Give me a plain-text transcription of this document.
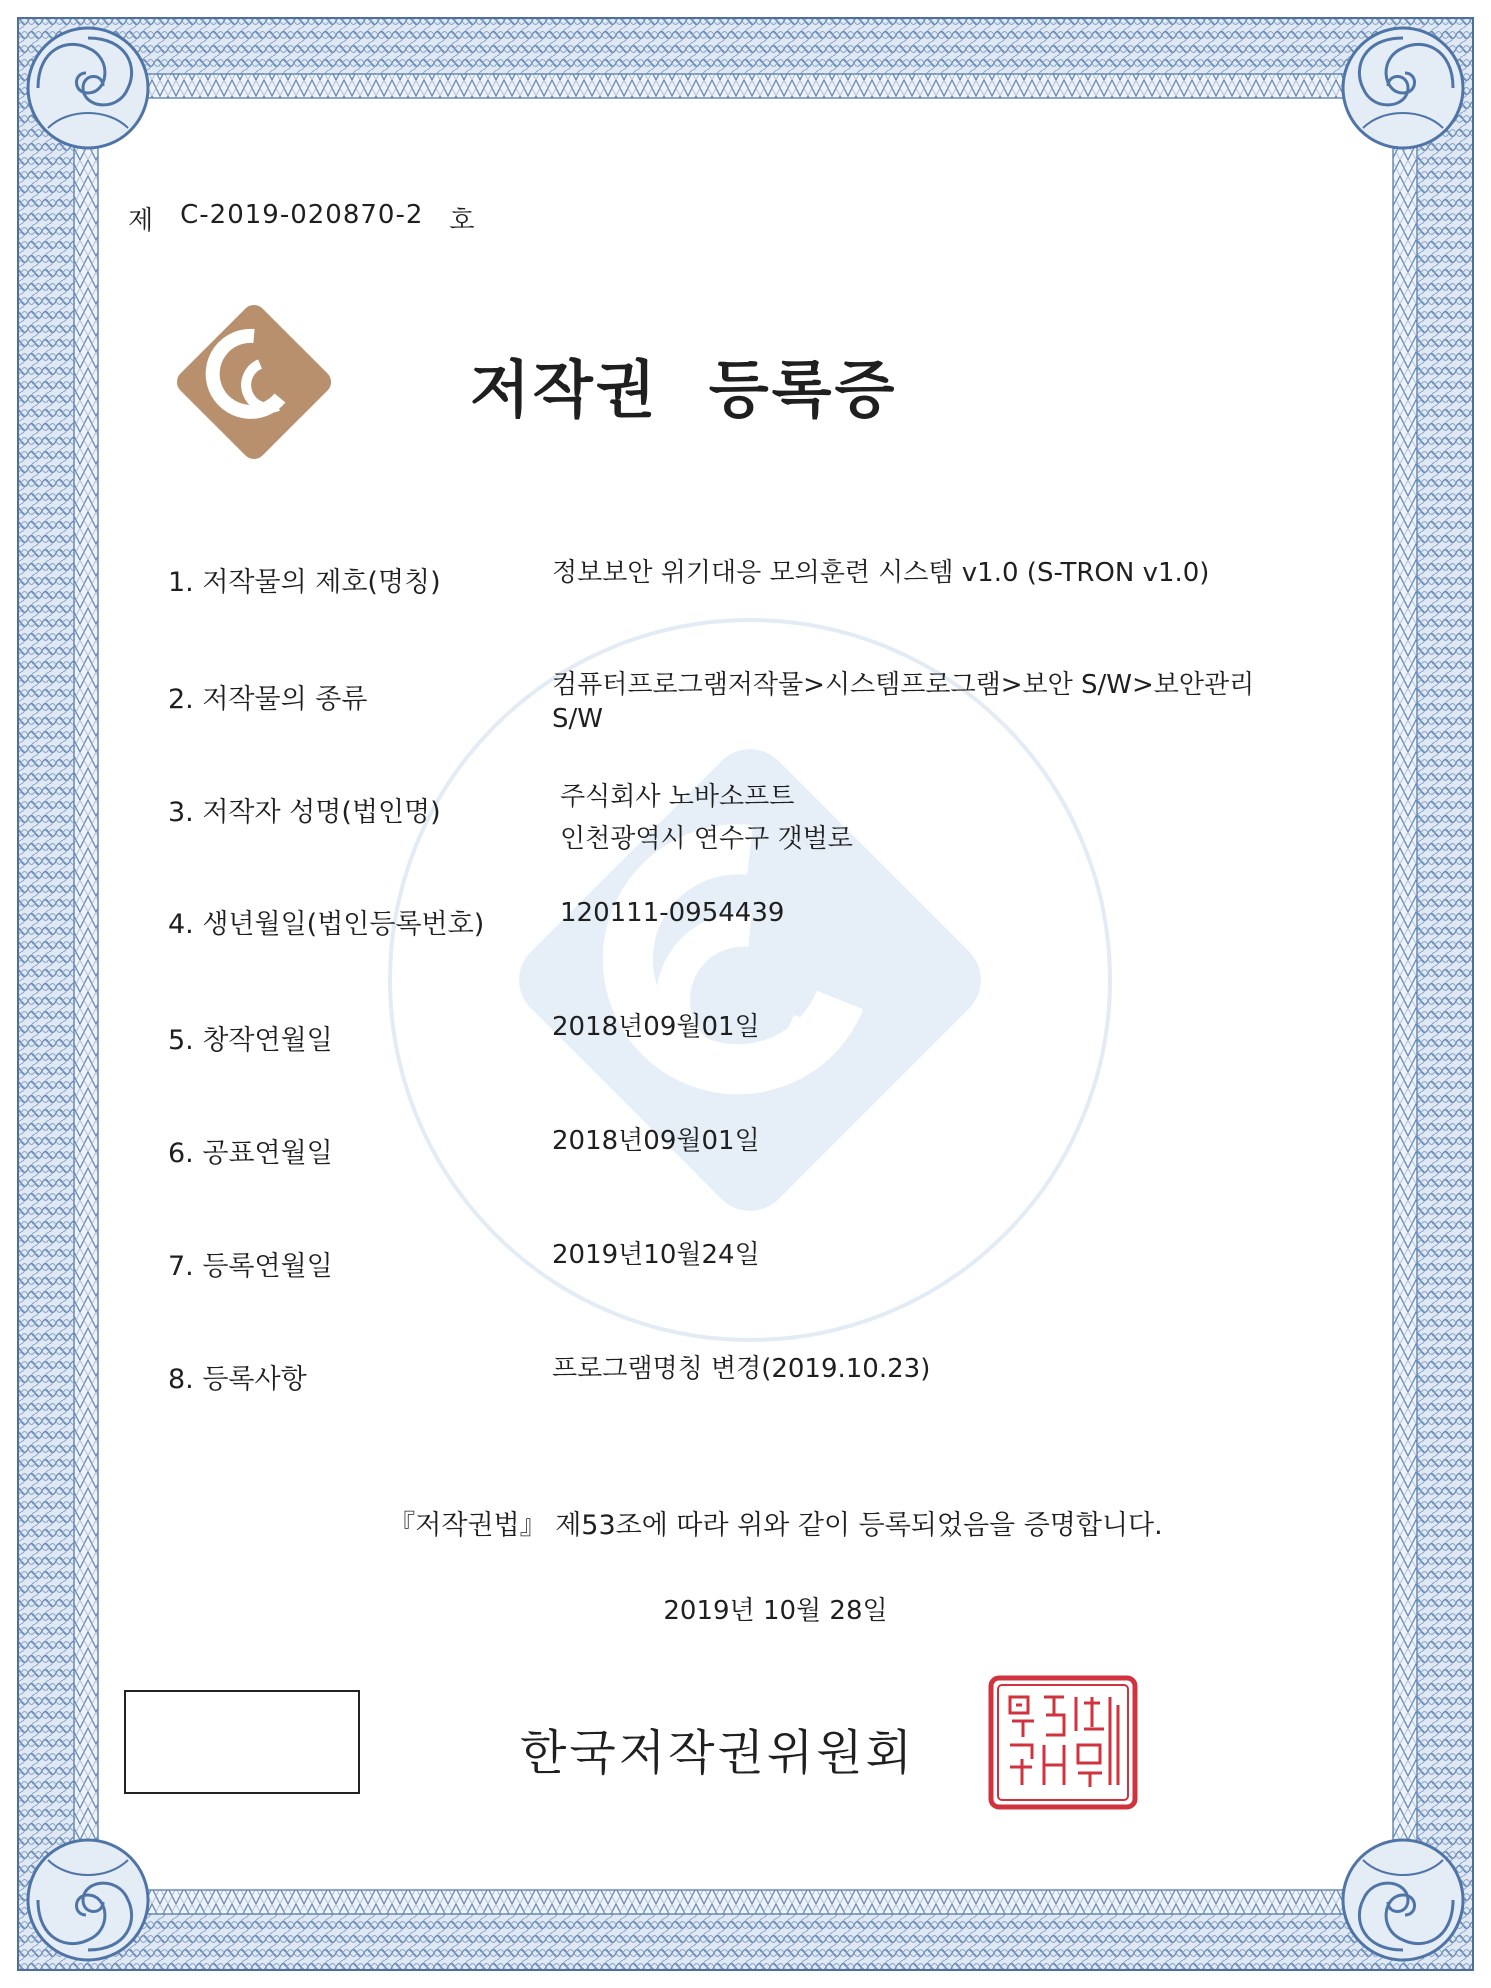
제 C-2019-020870-2 호
저작권 등록증
1. 저작물의 제호(명칭)	정보보안 위기대응 모의훈련 시스템 v1.0 (S-TRON v1.0)
2. 저작물의 종류	컴퓨터프로그램저작물>시스템프로그램>보안 S/W>보안관리 S/W
3. 저작자 성명(법인명)	주식회사 노바소프트
인천광역시 연수구 갯벌로
4. 생년월일(법인등록번호)	120111-0954439
5. 창작연월일	2018년09월01일
6. 공표연월일	2018년09월01일
7. 등록연월일	2019년10월24일
8. 등록사항	프로그램명칭 변경(2019.10.23)
『저작권법』 제53조에 따라 위와 같이 등록되었음을 증명합니다.
2019년 10월 28일
한국저작권위원회
